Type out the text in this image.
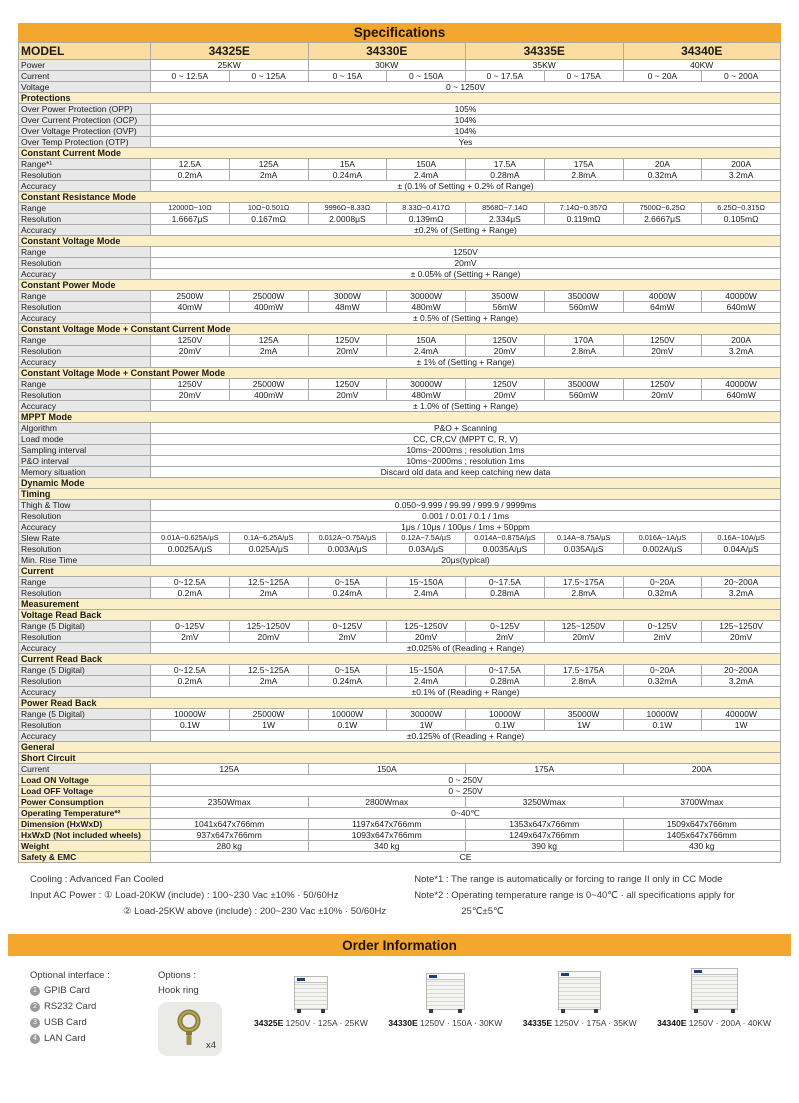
Specifications
MODEL	34325E		34330E		34335E		34340E	
Power	25KW		30KW		35KW		40KW	
Current	0 ~ 12.5A	0 ~ 125A	0 ~ 15A	0 ~ 150A	0 ~ 17.5A	0 ~ 175A	0 ~ 20A	0 ~ 200A
Voltage	0 ~ 1250V							
Protections								
Over Power Protection (OPP)	105%							
Over Current Protection (OCP)	104%							
Over Voltage Protection (OVP)	104%							
Over Temp Protection (OTP)	Yes							
Constant Current Mode								
Range*¹	12.5A	125A	15A	150A	17.5A	175A	20A	200A
Resolution	0.2mA	2mA	0.24mA	2.4mA	0.28mA	2.8mA	0.32mA	3.2mA
Accuracy	± (0.1% of Setting + 0.2% of Range)							
Constant Resistance Mode								
Range	12000Ω~10Ω	10Ω~0.501Ω	9996Ω~8.33Ω	8.33Ω~0.417Ω	8568Ω~7.14Ω	7.14Ω~0.357Ω	7500Ω~6.25Ω	6.25Ω~0.315Ω
Resolution	1.6667μS	0.167mΩ	2.0008μS	0.139mΩ	2.334μS	0.119mΩ	2.6667μS	0.105mΩ
Accuracy	±0.2% of (Setting + Range)							
Constant Voltage Mode								
Range	1250V							
Resolution	20mV							
Accuracy	± 0.05% of (Setting + Range)							
Constant Power Mode								
Range	2500W	25000W	3000W	30000W	3500W	35000W	4000W	40000W
Resolution	40mW	400mW	48mW	480mW	56mW	560mW	64mW	640mW
Accuracy	± 0.5% of (Setting + Range)							
Constant Voltage Mode + Constant Current Mode								
Range	1250V	125A	1250V	150A	1250V	170A	1250V	200A
Resolution	20mV	2mA	20mV	2.4mA	20mV	2.8mA	20mV	3.2mA
Accuracy	± 1% of (Setting + Range)							
Constant Voltage Mode + Constant Power Mode								
Range	1250V	25000W	1250V	30000W	1250V	35000W	1250V	40000W
Resolution	20mV	400mW	20mV	480mW	20mV	560mW	20mV	640mW
Accuracy	± 1.0% of (Setting + Range)							
MPPT Mode								
Algorithm	P&O + Scanning							
Load mode	CC, CR,CV (MPPT C, R, V)							
Sampling interval	10ms~2000ms ; resolution 1ms							
P&O interval	10ms~2000ms ; resolution 1ms							
Memory situation	Discard old data and keep catching new data							
Dynamic Mode								
Timing								
Thigh & Tlow	0.050~9.999 / 99.99 / 999.9 / 9999ms							
Resolution	0.001 / 0.01 / 0.1 / 1ms							
Accuracy	1μs / 10μs / 100μs / 1ms + 50ppm							
Slew Rate	0.01A~0.625A/μS	0.1A~6.25A/μS	0.012A~0.75A/μS	0.12A~7.5A/μS	0.014A~0.875A/μS	0.14A~8.75A/μS	0.016A~1A/μS	0.16A~10A/μS
Resolution	0.0025A/μS	0.025A/μS	0.003A/μS	0.03A/μS	0.0035A/μS	0.035A/μS	0.002A/μS	0.04A/μS
Min. Rise Time	20μs(typical)							
Current								
Range	0~12.5A	12.5~125A	0~15A	15~150A	0~17.5A	17.5~175A	0~20A	20~200A
Resolution	0.2mA	2mA	0.24mA	2.4mA	0.28mA	2.8mA	0.32mA	3.2mA
Measurement								
Voltage Read Back								
Range (5 Digital)	0~125V	125~1250V	0~125V	125~1250V	0~125V	125~1250V	0~125V	125~1250V
Resolution	2mV	20mV	2mV	20mV	2mV	20mV	2mV	20mV
Accuracy	±0.025% of (Reading + Range)							
Current Read Back								
Range (5 Digital)	0~12.5A	12.5~125A	0~15A	15~150A	0~17.5A	17.5~175A	0~20A	20~200A
Resolution	0.2mA	2mA	0.24mA	2.4mA	0.28mA	2.8mA	0.32mA	3.2mA
Accuracy	±0.1% of (Reading + Range)							
Power Read Back								
Range (5 Digital)	10000W	25000W	10000W	30000W	10000W	35000W	10000W	40000W
Resolution	0.1W	1W	0.1W	1W	0.1W	1W	0.1W	1W
Accuracy	±0.125% of (Reading + Range)							
General								
Short Circuit								
Current	125A		150A		175A		200A	
Load ON Voltage	0 ~ 250V							
Load OFF Voltage	0 ~ 250V							
Power Consumption	2350Wmax		2800Wmax		3250Wmax		3700Wmax	
Operating Temperature*²	0~40℃							
Dimension (HxWxD)	1041x647x766mm		1197x647x766mm		1353x647x766mm		1509x647x766mm	
HxWxD (Not included wheels)	937x647x766mm		1093x647x766mm		1249x647x766mm		1405x647x766mm	
Weight	280 kg		340 kg		390 kg		430 kg	
Safety & EMC	CE							
Cooling : Advanced Fan Cooled
Input AC Power : ① Load-20KW (include) : 100~230 Vac ±10% · 50/60Hz
② Load-25KW above (include) : 200~230 Vac ±10% · 50/60Hz
Note*1 : The range is automatically or forcing to range II only in CC Mode
Note*2 : Operating temperature range is 0~40℃ · all specifications apply for
25℃±5℃
Order Information
Optional interface :
1 GPIB Card
2 RS232 Card
3 USB Card
4 LAN Card
Options :
Hook ring
x4
34325E 1250V · 125A · 25KW 34330E 1250V · 150A · 30KW 34335E 1250V · 175A · 35KW 34340E 1250V · 200A · 40KW
